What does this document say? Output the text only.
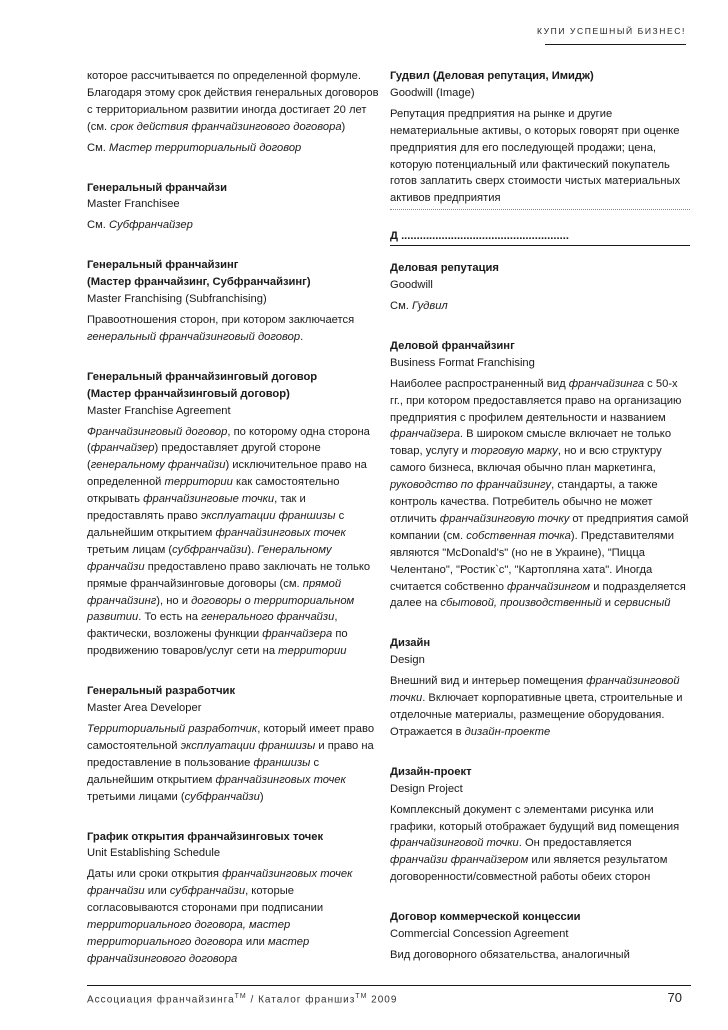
КУПИ УСПЕШНЫЙ БИЗНЕС!

которое рассчитывается по определенной формуле. Благодаря этому срок действия генеральных договоров с территориальном развитии иногда достигает 20 лет (см. срок действия франчайзингового договора)

См. Мастер территориальный договор

Генеральный франчайзи

Master Franchisee

См. Субфранчайзер

Генеральный франчайзинг

(Мастер франчайзинг, Субфранчайзинг)

Master Franchising (Subfranchising)

Правоотношения сторон, при котором заключается генеральный франчайзинговый договор.

Генеральный франчайзинговый договор

(Мастер франчайзинговый договор)

Master Franchise Agreement

Франчайзинговый договор, по которому одна сторона (франчайзер) предоставляет другой стороне (генеральному франчайзи) исключительное право на определенной территории как самостоятельно открывать франчайзинговые точки, так и предоставлять право эксплуатации франшизы с дальнейшим открытием франчайзинговых точек третьим лицам (субфранчайзи). Генеральному франчайзи предоставлено право заключать не только прямые франчайзинговые договоры (см. прямой франчайзинг), но и договоры о территориальном развитии. То есть на генерального франчайзи, фактически, возложены функции франчайзера по продвижению товаров/услуг сети на территории

Генеральный разработчик

Master Area Developer

Территориальный разработчик, который имеет право самостоятельной эксплуатации франшизы и право на предоставление в пользование франшизы с дальнейшим открытием франчайзинговых точек третьими лицами (субфранчайзи)

График открытия франчайзинговых точек

Unit Establishing Schedule

Даты или сроки открытия франчайзинговых точек франчайзи или субфранчайзи, которые согласовываются сторонами при подписании территориального договора, мастер территориального договора или мастер франчайзингового договора

Гудвил (Деловая репутация, Имидж)

Goodwill (Image)

Репутация предприятия на рынке и другие нематериальные активы, о которых говорят при оценке предприятия для его последующей продажи; цена, которую потенциальный или фактический покупатель готов заплатить сверх стоимости чистых материальных активов предприятия

Д ......................................................

Деловая репутация

Goodwill

См. Гудвил

Деловой франчайзинг

Business Format Franchising

Наиболее распространенный вид франчайзинга с 50-х гг., при котором предоставляется право на организацию предприятия с профилем деятельности и названием франчайзера. В широком смысле включает не только товар, услугу и торговую марку, но и всю структуру самого бизнеса, включая обычно план маркетинга, руководство по франчайзингу, стандарты, а также контроль качества. Потребитель обычно не может отличить франчайзинговую точку от предприятия самой компании (см. собственная точка). Представителями являются "McDonald's" (но не в Украине), "Пицца Челентано", "Ростик`с", "Картопляна хата". Иногда считается собственно франчайзингом и подразделяется далее на сбытовой, производственный и сервисный

Дизайн

Design

Внешний вид и интерьер помещения франчайзинговой точки. Включает корпоративные цвета, строительные и отделочные материалы, размещение оборудования. Отражается в дизайн-проекте

Дизайн-проект

Design Project

Комплексный документ с элементами рисунка или графики, который отображает будущий вид помещения франчайзинговой точки. Он предоставляется франчайзи франчайзером или является результатом договоренности/совместной работы обеих сторон

Договор коммерческой концессии

Commercial Concession Agreement

Вид договорного обязательства, аналогичный

Ассоциация франчайзинга™ / Каталог франшиз™ 2009	70
